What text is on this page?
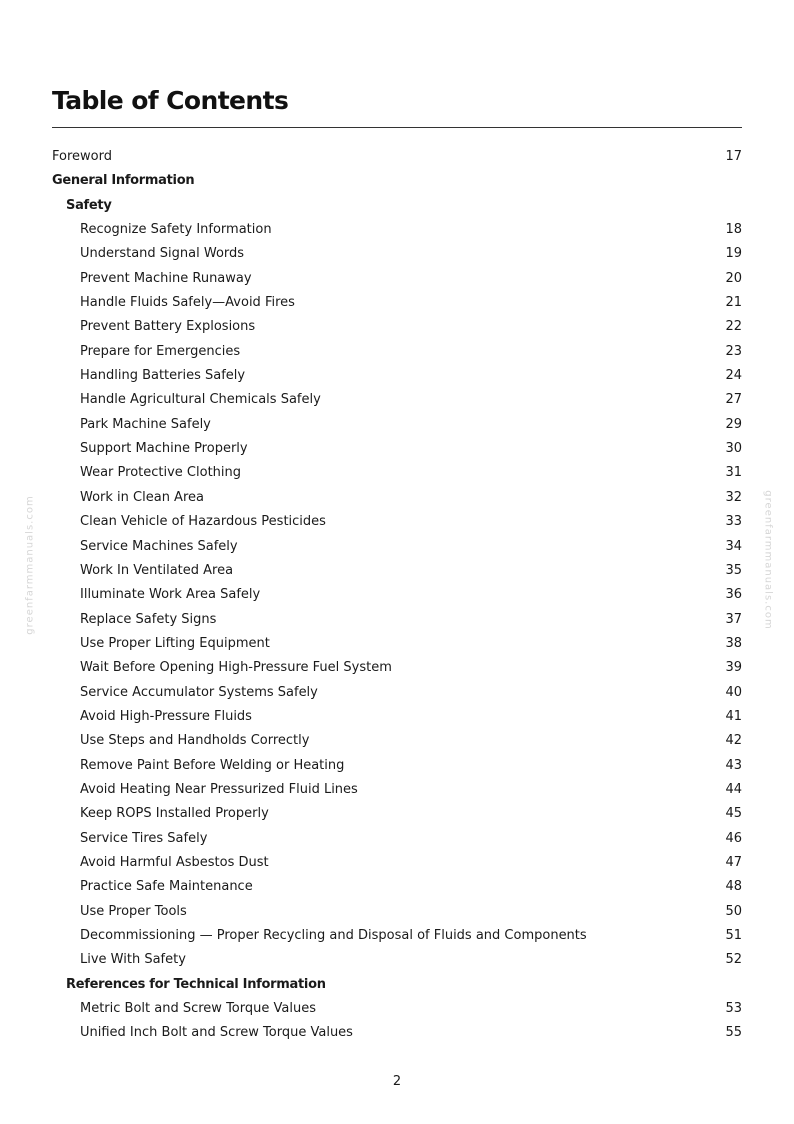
Table of Contents
Foreword	17
General Information
Safety
Recognize Safety Information	18
Understand Signal Words	19
Prevent Machine Runaway	20
Handle Fluids Safely—Avoid Fires	21
Prevent Battery Explosions	22
Prepare for Emergencies	23
Handling Batteries Safely	24
Handle Agricultural Chemicals Safely	27
Park Machine Safely	29
Support Machine Properly	30
Wear Protective Clothing	31
Work in Clean Area	32
Clean Vehicle of Hazardous Pesticides	33
Service Machines Safely	34
Work In Ventilated Area	35
Illuminate Work Area Safely	36
Replace Safety Signs	37
Use Proper Lifting Equipment	38
Wait Before Opening High-Pressure Fuel System	39
Service Accumulator Systems Safely	40
Avoid High-Pressure Fluids	41
Use Steps and Handholds Correctly	42
Remove Paint Before Welding or Heating	43
Avoid Heating Near Pressurized Fluid Lines	44
Keep ROPS Installed Properly	45
Service Tires Safely	46
Avoid Harmful Asbestos Dust	47
Practice Safe Maintenance	48
Use Proper Tools	50
Decommissioning — Proper Recycling and Disposal of Fluids and Components	51
Live With Safety	52
References for Technical Information
Metric Bolt and Screw Torque Values	53
Unified Inch Bolt and Screw Torque Values	55
2
greenfarmmanuals.com	greenfarmmanuals.com
